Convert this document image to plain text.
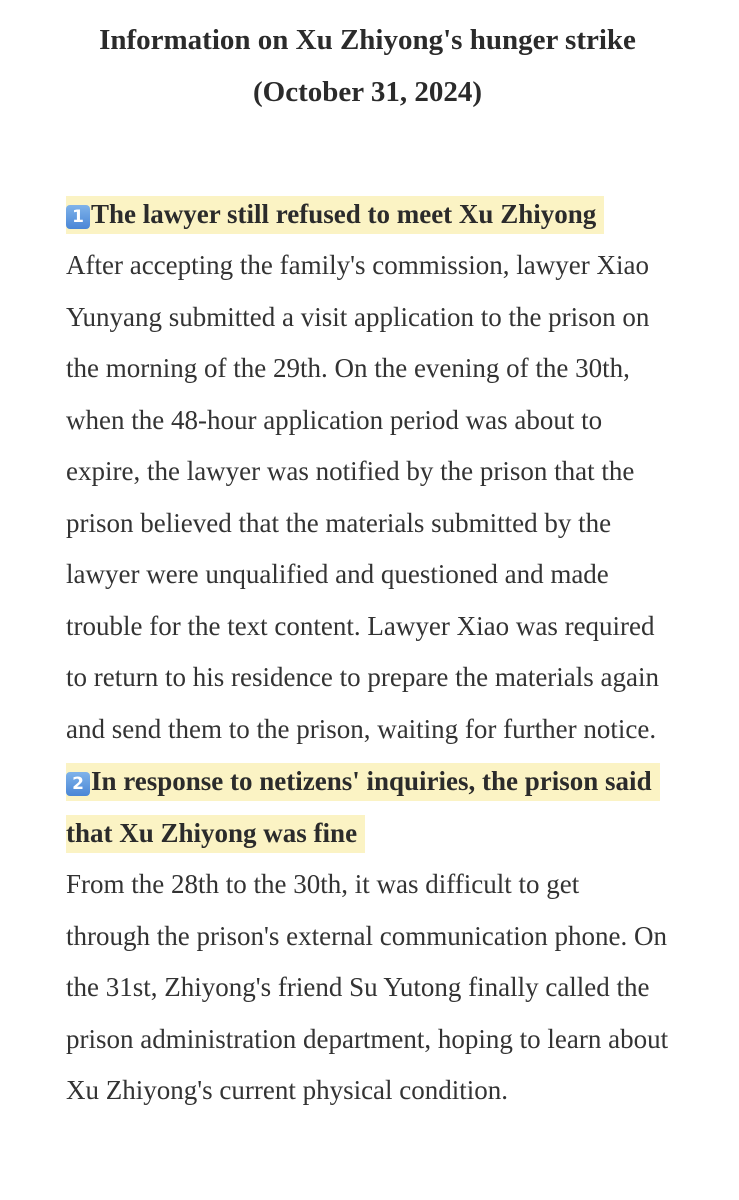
Information on Xu Zhiyong's hunger strike
(October 31, 2024)

1 The lawyer still refused to meet Xu Zhiyong

After accepting the family's commission, lawyer Xiao Yunyang submitted a visit application to the prison on the morning of the 29th. On the evening of the 30th, when the 48-hour application period was about to expire, the lawyer was notified by the prison that the prison believed that the materials submitted by the lawyer were unqualified and questioned and made trouble for the text content. Lawyer Xiao was required to return to his residence to prepare the materials again and send them to the prison, waiting for further notice.

2 In response to netizens' inquiries, the prison said that Xu Zhiyong was fine

From the 28th to the 30th, it was difficult to get through the prison's external communication phone. On the 31st, Zhiyong's friend Su Yutong finally called the prison administration department, hoping to learn about Xu Zhiyong's current physical condition.
